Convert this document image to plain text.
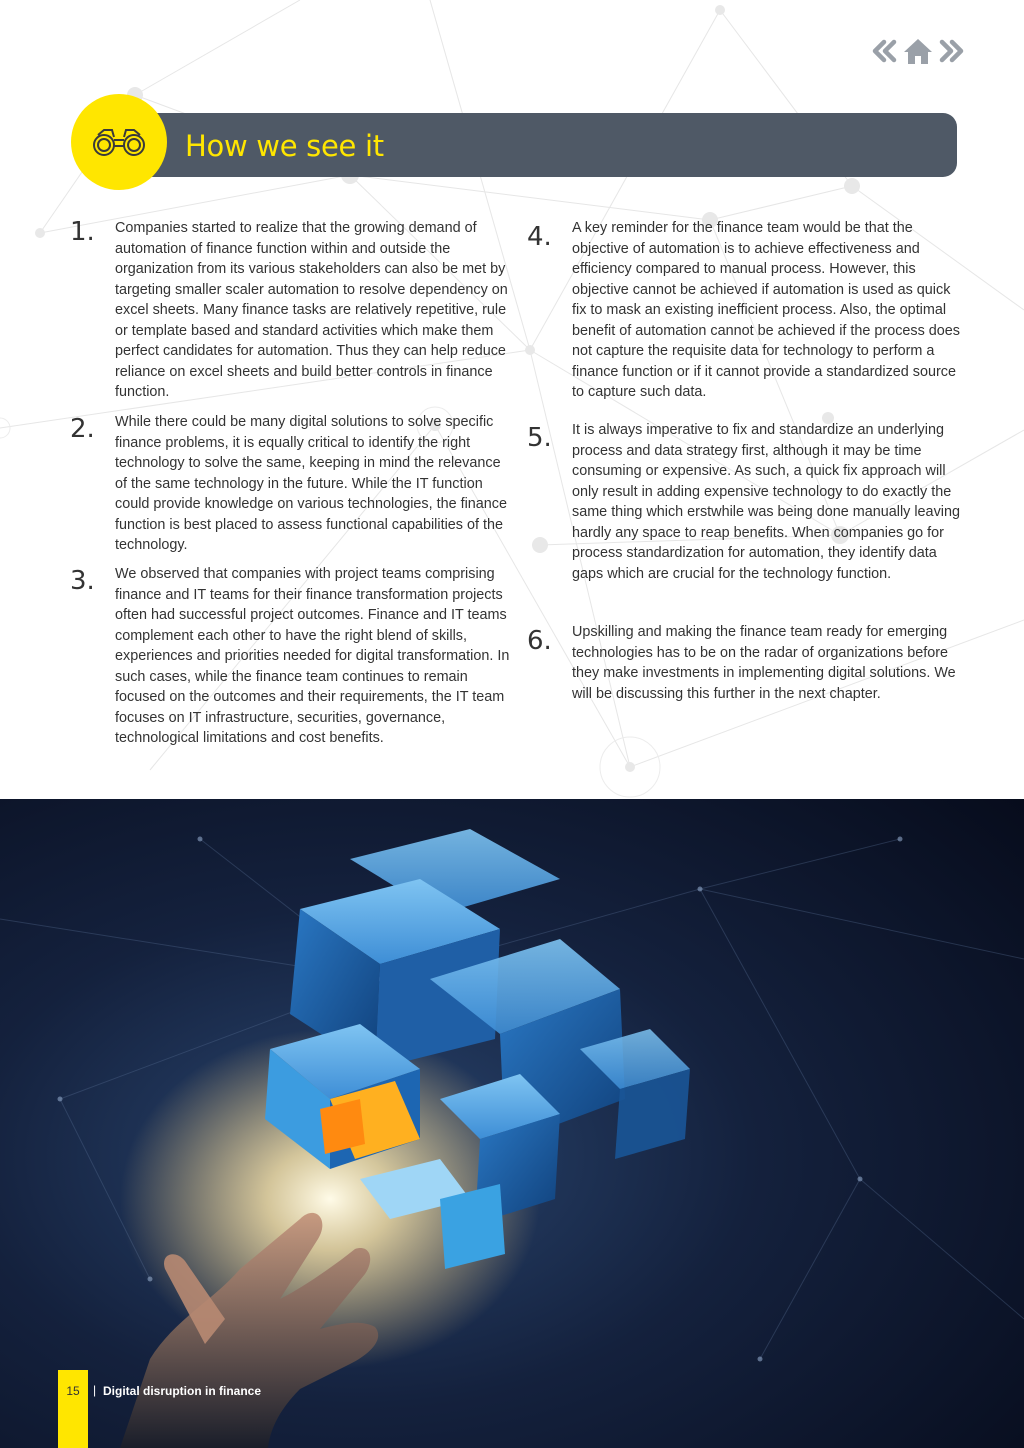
How we see it
1. Companies started to realize that the growing demand of automation of finance function within and outside the organization from its various stakeholders can also be met by targeting smaller scaler automation to resolve dependency on excel sheets. Many finance tasks are relatively repetitive, rule or template based and standard activities which make them perfect candidates for automation. Thus they can help reduce reliance on excel sheets and build better controls in finance function.
2. While there could be many digital solutions to solve specific finance problems, it is equally critical to identify the right technology to solve the same, keeping in mind the relevance of the same technology in the future. While the IT function could provide knowledge on various technologies, the finance function is best placed to assess functional capabilities of the technology.
3. We observed that companies with project teams comprising finance and IT teams for their finance transformation projects often had successful project outcomes. Finance and IT teams complement each other to have the right blend of skills, experiences and priorities needed for digital transformation. In such cases, while the finance team continues to remain focused on the outcomes and their requirements, the IT team focuses on IT infrastructure, securities, governance, technological limitations and cost benefits.
4. A key reminder for the finance team would be that the objective of automation is to achieve effectiveness and efficiency compared to manual process. However, this objective cannot be achieved if automation is used as quick fix to mask an existing inefficient process. Also, the optimal benefit of automation cannot be achieved if the process does not capture the requisite data for technology to perform a finance function or if it cannot provide a standardized source to capture such data.
5. It is always imperative to fix and standardize an underlying process and data strategy first, although it may be time consuming or expensive. As such, a quick fix approach will only result in adding expensive technology to do exactly the same thing which erstwhile was being done manually leaving hardly any space to reap benefits. When companies go for process standardization for automation, they identify data gaps which are crucial for the technology function.
6. Upskilling and making the finance team ready for emerging technologies has to be on the radar of organizations before they make investments in implementing digital solutions. We will be discussing this further in the next chapter.
15	| Digital disruption in finance
